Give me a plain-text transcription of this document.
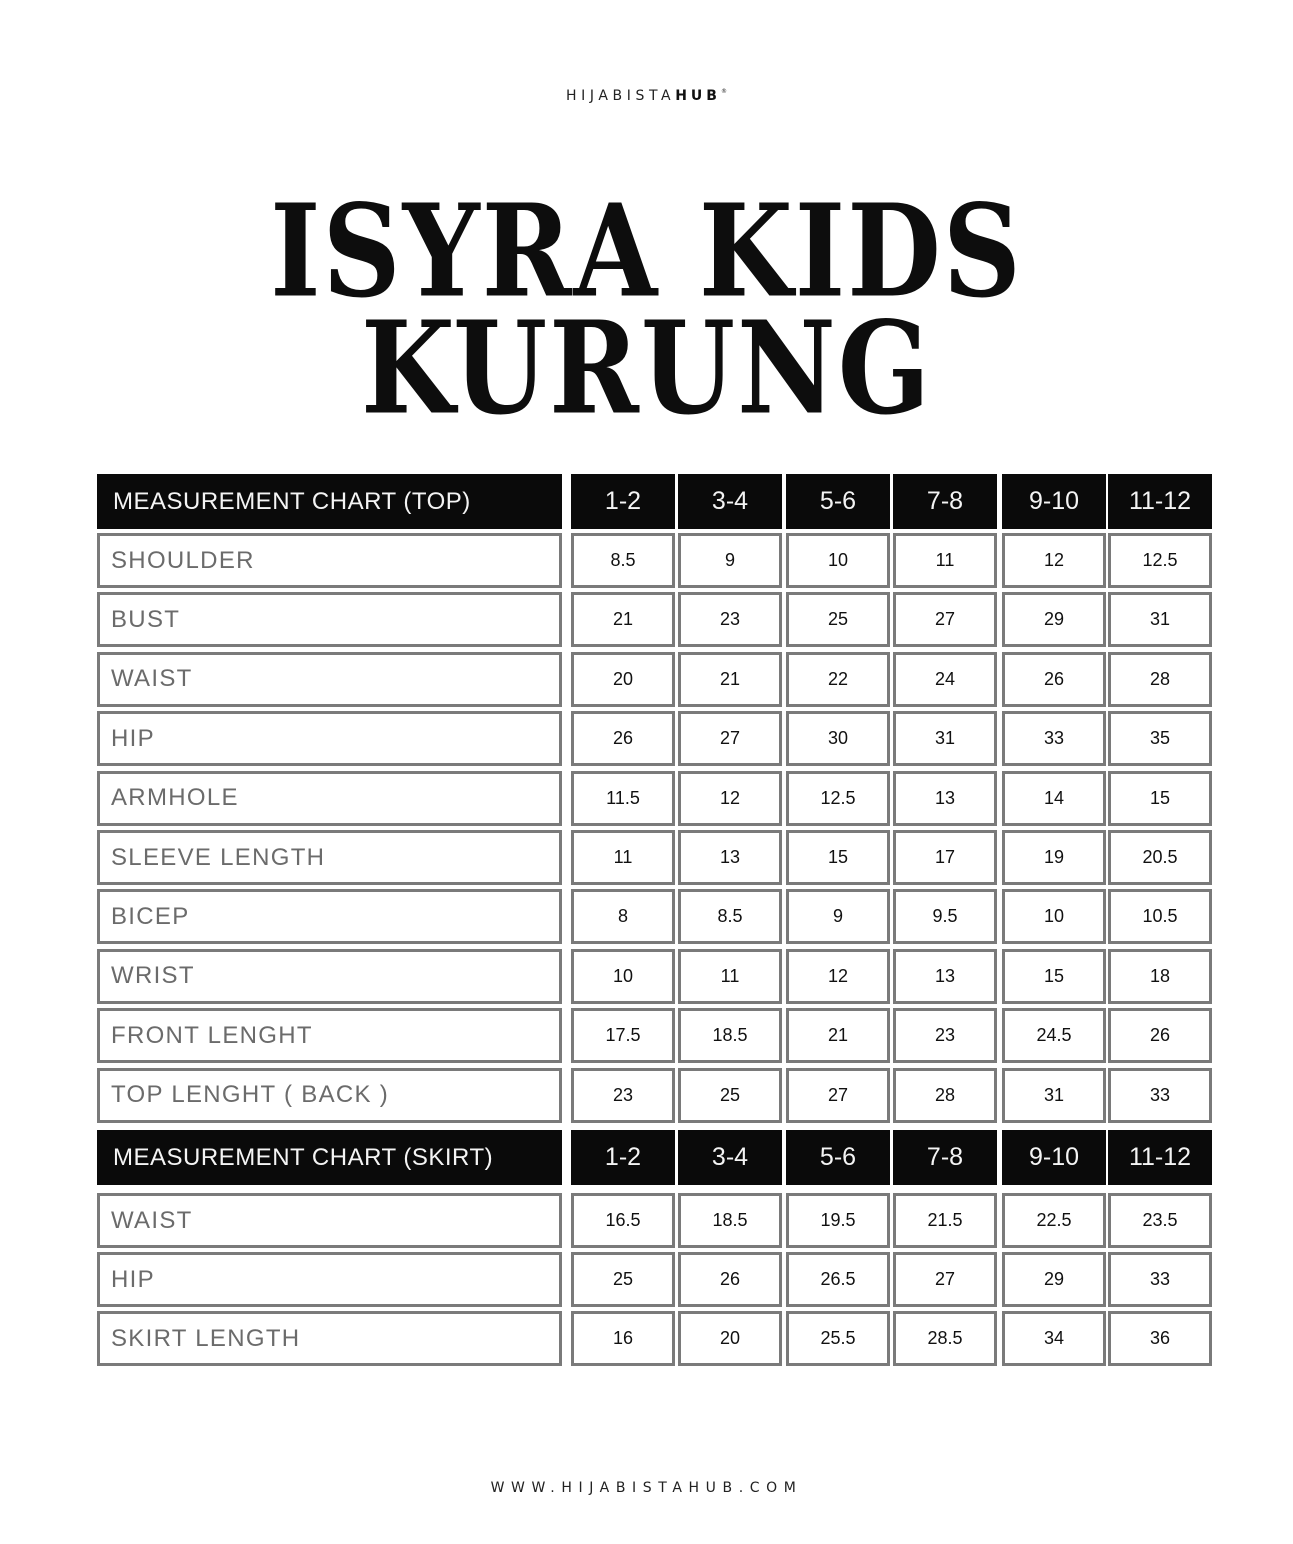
HIJABISTAHUB®
ISYRA KIDS
KURUNG
MEASUREMENT CHART (TOP)	1-2	3-4	5-6	7-8	9-10	11-12
SHOULDER	8.5	9	10	11	12	12.5
BUST	21	23	25	27	29	31
WAIST	20	21	22	24	26	28
HIP	26	27	30	31	33	35
ARMHOLE	11.5	12	12.5	13	14	15
SLEEVE LENGTH	11	13	15	17	19	20.5
BICEP	8	8.5	9	9.5	10	10.5
WRIST	10	11	12	13	15	18
FRONT LENGHT	17.5	18.5	21	23	24.5	26
TOP LENGHT ( BACK )	23	25	27	28	31	33
MEASUREMENT CHART (SKIRT)	1-2	3-4	5-6	7-8	9-10	11-12
WAIST	16.5	18.5	19.5	21.5	22.5	23.5
HIP	25	26	26.5	27	29	33
SKIRT LENGTH	16	20	25.5	28.5	34	36
WWW.HIJABISTAHUB.COM
